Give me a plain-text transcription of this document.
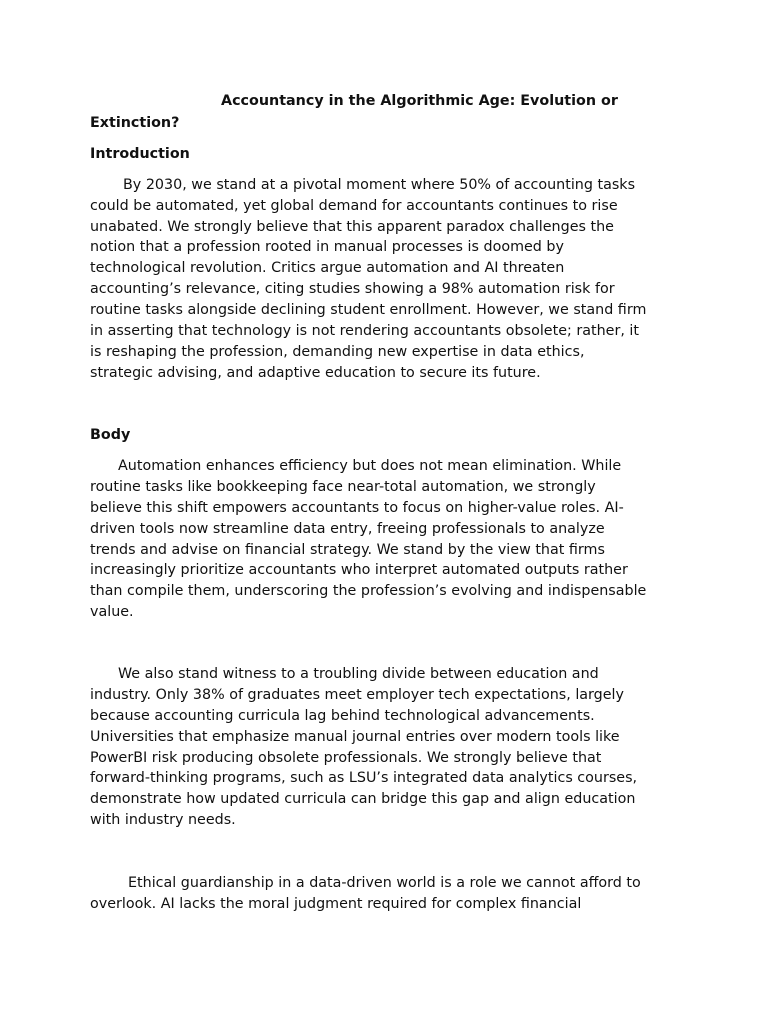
Accountancy in the Algorithmic Age: Evolution or
Extinction?
Introduction
By 2030, we stand at a pivotal moment where 50% of accounting tasks
could be automated, yet global demand for accountants continues to rise
unabated. We strongly believe that this apparent paradox challenges the
notion that a profession rooted in manual processes is doomed by
technological revolution. Critics argue automation and AI threaten
accounting’s relevance, citing studies showing a 98% automation risk for
routine tasks alongside declining student enrollment. However, we stand firm
in asserting that technology is not rendering accountants obsolete; rather, it
is reshaping the profession, demanding new expertise in data ethics,
strategic advising, and adaptive education to secure its future.
Body
Automation enhances efficiency but does not mean elimination. While
routine tasks like bookkeeping face near-total automation, we strongly
believe this shift empowers accountants to focus on higher-value roles. AI-
driven tools now streamline data entry, freeing professionals to analyze
trends and advise on financial strategy. We stand by the view that firms
increasingly prioritize accountants who interpret automated outputs rather
than compile them, underscoring the profession’s evolving and indispensable
value.
We also stand witness to a troubling divide between education and
industry. Only 38% of graduates meet employer tech expectations, largely
because accounting curricula lag behind technological advancements.
Universities that emphasize manual journal entries over modern tools like
PowerBI risk producing obsolete professionals. We strongly believe that
forward-thinking programs, such as LSU’s integrated data analytics courses,
demonstrate how updated curricula can bridge this gap and align education
with industry needs.
Ethical guardianship in a data-driven world is a role we cannot afford to
overlook. AI lacks the moral judgment required for complex financial
